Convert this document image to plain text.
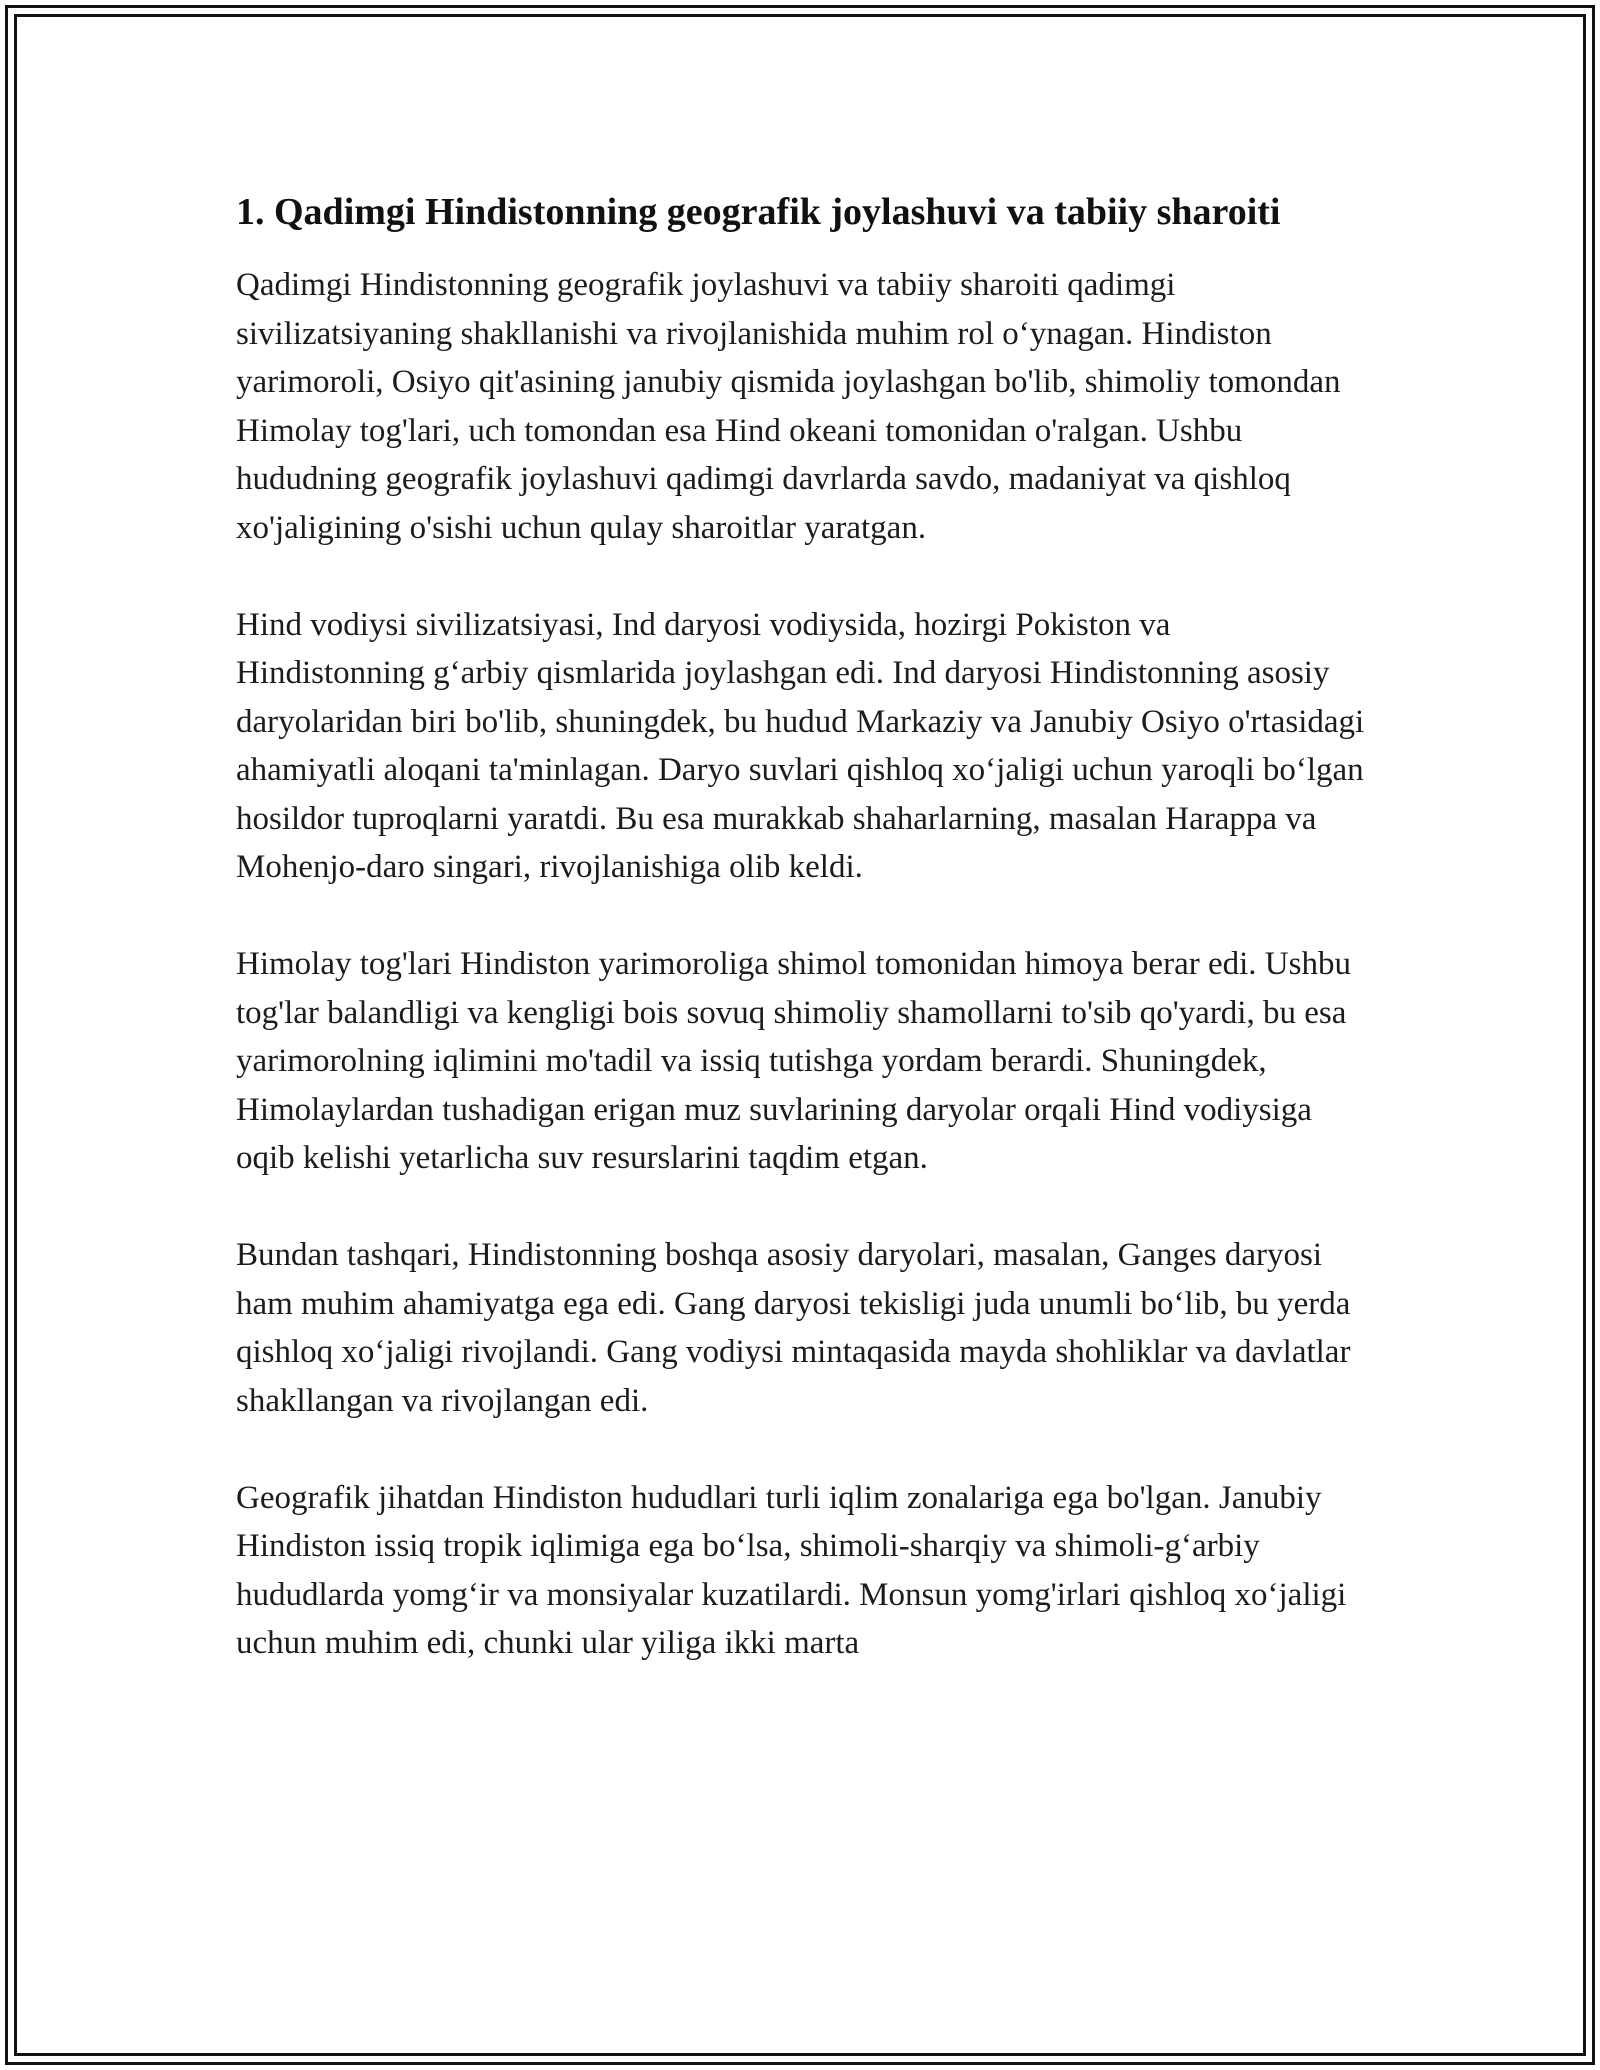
1. Qadimgi Hindistonning geografik joylashuvi va tabiiy sharoiti

Qadimgi Hindistonning geografik joylashuvi va tabiiy sharoiti qadimgi sivilizatsiyaning shakllanishi va rivojlanishida muhim rol oʻynagan. Hindiston yarimoroli, Osiyo qit'asining janubiy qismida joylashgan bo'lib, shimoliy tomondan Himolay tog'lari, uch tomondan esa Hind okeani tomonidan o'ralgan. Ushbu hududning geografik joylashuvi qadimgi davrlarda savdo, madaniyat va qishloq xo'jaligining o'sishi uchun qulay sharoitlar yaratgan.

Hind vodiysi sivilizatsiyasi, Ind daryosi vodiysida, hozirgi Pokiston va Hindistonning gʻarbiy qismlarida joylashgan edi. Ind daryosi Hindistonning asosiy daryolaridan biri bo'lib, shuningdek, bu hudud Markaziy va Janubiy Osiyo o'rtasidagi ahamiyatli aloqani ta'minlagan. Daryo suvlari qishloq xoʻjaligi uchun yaroqli boʻlgan hosildor tuproqlarni yaratdi. Bu esa murakkab shaharlarning, masalan Harappa va Mohenjo-daro singari, rivojlanishiga olib keldi.

Himolay tog'lari Hindiston yarimoroliga shimol tomonidan himoya berar edi. Ushbu tog'lar balandligi va kengligi bois sovuq shimoliy shamollarni to'sib qo'yardi, bu esa yarimorolning iqlimini mo'tadil va issiq tutishga yordam berardi. Shuningdek, Himolaylardan tushadigan erigan muz suvlarining daryolar orqali Hind vodiysiga oqib kelishi yetarlicha suv resurslarini taqdim etgan.

Bundan tashqari, Hindistonning boshqa asosiy daryolari, masalan, Ganges daryosi ham muhim ahamiyatga ega edi. Gang daryosi tekisligi juda unumli boʻlib, bu yerda qishloq xoʻjaligi rivojlandi. Gang vodiysi mintaqasida mayda shohliklar va davlatlar shakllangan va rivojlangan edi.

Geografik jihatdan Hindiston hududlari turli iqlim zonalariga ega bo'lgan. Janubiy Hindiston issiq tropik iqlimiga ega boʻlsa, shimoli-sharqiy va shimoli-gʻarbiy hududlarda yomgʻir va monsiyalar kuzatilardi. Monsun yomg'irlari qishloq xoʻjaligi uchun muhim edi, chunki ular yiliga ikki marta
